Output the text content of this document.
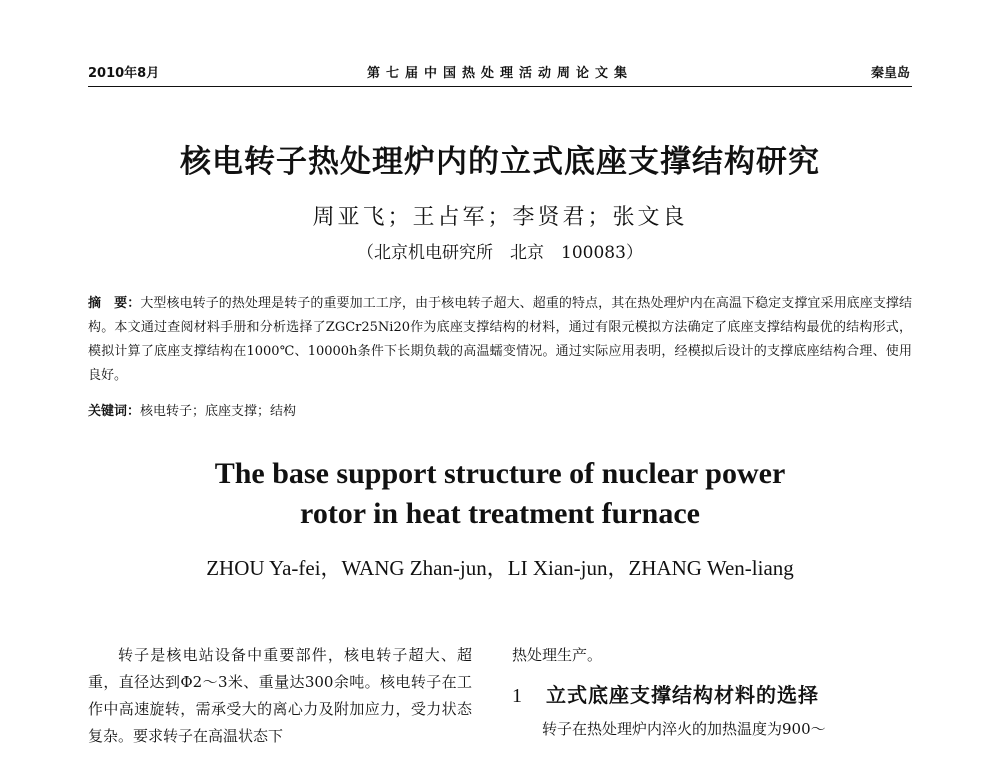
2010年8月	第七届中国热处理活动周论文集	秦皇岛
核电转子热处理炉内的立式底座支撑结构研究
周亚飞；王占军；李贤君；张文良
（北京机电研究所　北京　100083）
摘　要：大型核电转子的热处理是转子的重要加工工序，由于核电转子超大、超重的特点，其在热处理炉内在高温下稳定支撑宜采用底座支撑结构。本文通过查阅材料手册和分析选择了ZGCr25Ni20作为底座支撑结构的材料，通过有限元模拟方法确定了底座支撑结构最优的结构形式，模拟计算了底座支撑结构在1000℃、10000h条件下长期负载的高温蠕变情况。通过实际应用表明，经模拟后设计的支撑底座结构合理、使用良好。
关键词：核电转子；底座支撑；结构
The base support structure of nuclear power
rotor in heat treatment furnace
ZHOU Ya-fei，WANG Zhan-jun，LI Xian-jun，ZHANG Wen-liang
转子是核电站设备中重要部件，核电转子超大、超重，直径达到Φ2～3米、重量达300余吨。核电转子在工作中高速旋转，需承受大的离心力及附加应力，受力状态复杂。要求转子在高温状态下
热处理生产。
1	立式底座支撑结构材料的选择
转子在热处理炉内淬火的加热温度为900～
